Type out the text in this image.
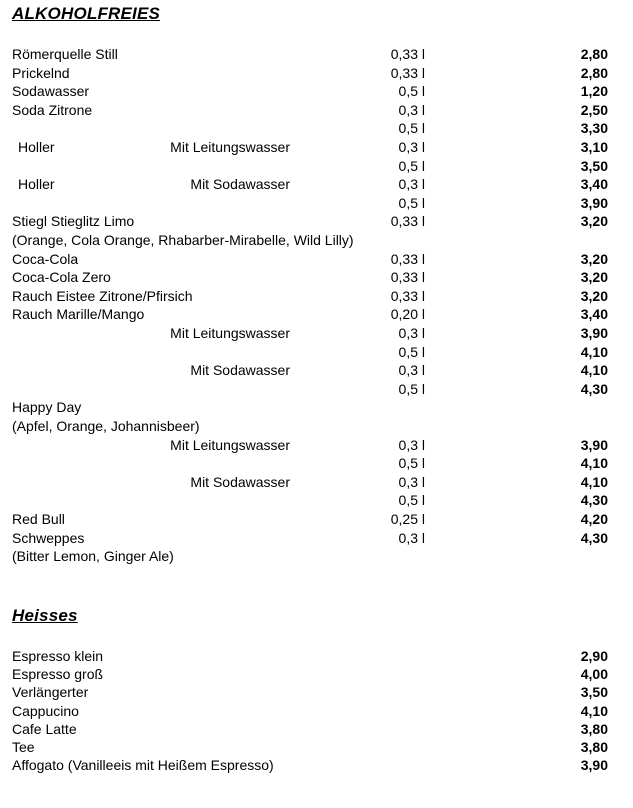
ALKOHOLFREIES
Römerquelle Still	0,33 l	2,80
Prickelnd	0,33 l	2,80
Sodawasser	0,5 l	1,20
Soda Zitrone	0,3 l	2,50
0,5 l	3,30
Holler	Mit Leitungswasser	0,3 l	3,10
0,5 l	3,50
Holler	Mit Sodawasser	0,3 l	3,40
0,5 l	3,90
Stiegl Stieglitz Limo	0,33 l	3,20
(Orange, Cola Orange, Rhabarber-Mirabelle, Wild Lilly)
Coca-Cola	0,33 l	3,20
Coca-Cola Zero	0,33 l	3,20
Rauch Eistee Zitrone/Pfirsich	0,33 l	3,20
Rauch Marille/Mango	0,20 l	3,40
Mit Leitungswasser	0,3 l	3,90
0,5 l	4,10
Mit Sodawasser	0,3 l	4,10
0,5 l	4,30
Happy Day
(Apfel, Orange, Johannisbeer)
Mit Leitungswasser	0,3 l	3,90
0,5 l	4,10
Mit Sodawasser	0,3 l	4,10
0,5 l	4,30
Red Bull	0,25 l	4,20
Schweppes	0,3 l	4,30
(Bitter Lemon, Ginger Ale)
Heisses
Espresso klein	2,90
Espresso groß	4,00
Verlängerter	3,50
Cappucino	4,10
Cafe Latte	3,80
Tee	3,80
Affogato (Vanilleeis mit Heißem Espresso)	3,90
